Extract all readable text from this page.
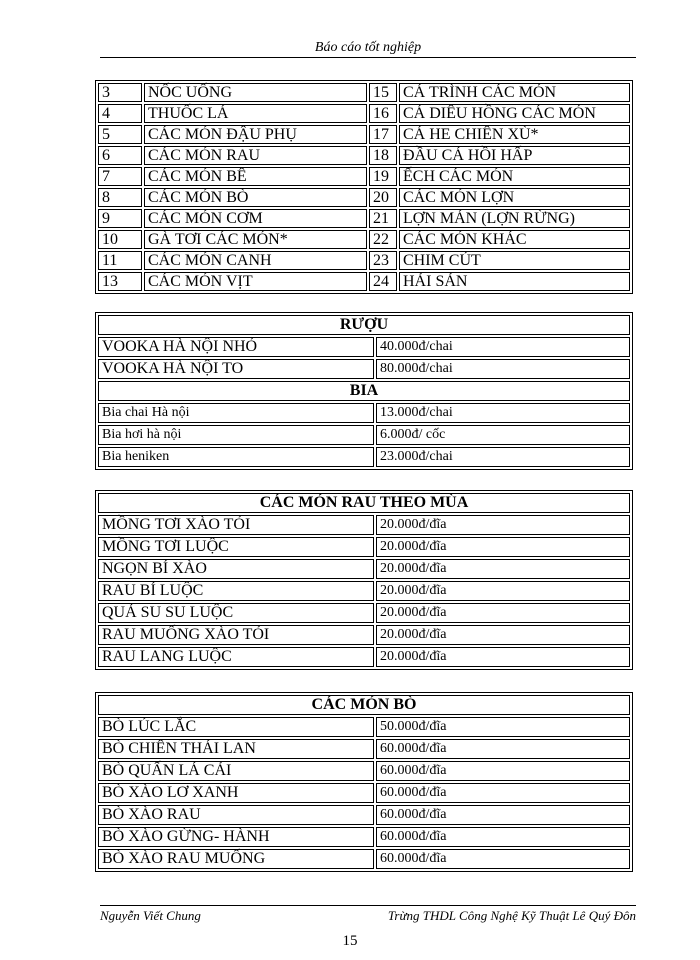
Báo cáo tốt nghiệp
3	NỐC UỐNG	15	CÁ TRÌNH CÁC MÓN
4	THUỐC LÁ	16	CÁ DIÊU HỒNG CÁC MÓN
5	CÁC MÓN ĐẬU PHỤ	17	CÁ HE CHIÊN XÙ*
6	CÁC MÓN RAU	18	ĐẦU CÁ HỒI HẤP
7	CÁC MÓN BÊ	19	ẾCH CÁC MÓN
8	CÁC MÓN BÒ	20	CÁC MÓN LỢN
9	CÁC MÓN CƠM	21	LỢN MÁN (LỢN RỪNG)
10	GÀ TƠI CÁC MÓN*	22	CÁC MÓN KHÁC
11	CÁC MÓN CANH	23	CHIM CÚT
13	CÁC MÓN VỊT	24	HẢI SẢN
RƯỢU	
VOOKA HÀ NỘI NHỎ	40.000đ/chai
VOOKA HÀ NỘI TO	80.000đ/chai
BIA	
Bia chai Hà nội	13.000đ/chai
Bia hơi hà nội	6.000đ/ cốc
Bia heniken	23.000đ/chai
CÁC MÓN RAU THEO MÙA	
MỒNG TƠI XÀO TỎI	20.000đ/đĩa
MỒNG TƠI LUỘC	20.000đ/đĩa
NGỌN BÍ XÀO	20.000đ/đĩa
RAU BÍ LUỘC	20.000đ/đĩa
QUẢ SU SU LUỘC	20.000đ/đĩa
RAU MUỐNG XÀO TỎI	20.000đ/đĩa
RAU LANG LUỘC	20.000đ/đĩa
CÁC MÓN BÒ	
BÒ LÚC LẮC	50.000đ/đĩa
BÒ CHIÊN THÁI LAN	60.000đ/đĩa
BÒ QUẤN LÁ CẢI	60.000đ/đĩa
BÒ XÀO LƠ XANH	60.000đ/đĩa
BÒ XÀO RAU	60.000đ/đĩa
BÒ XÀO GỪNG- HÀNH	60.000đ/đĩa
BÒ XÀO RAU MUỐNG	60.000đ/đĩa
Nguyễn Viết Chung	Trừng THDL Công Nghệ Kỹ Thuật Lê Quý Đôn
15
